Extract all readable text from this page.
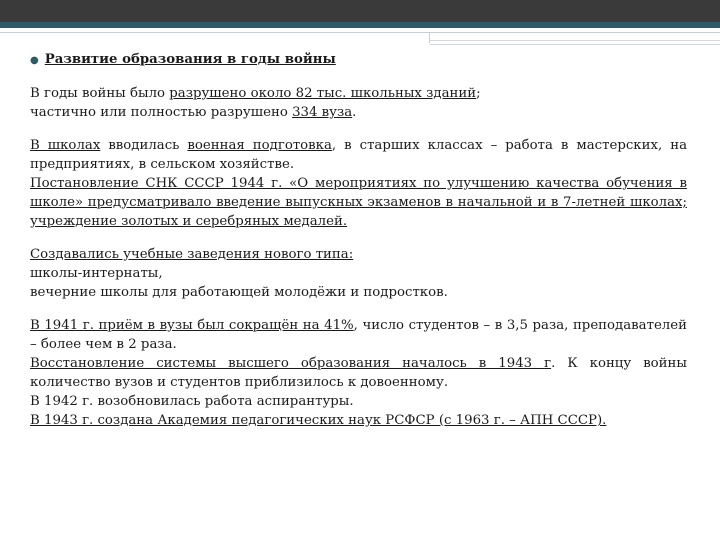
● Развитие образования в годы войны

В годы войны было разрушено около 82 тыс. школьных зданий;

частично или полностью разрушено 334 вуза.

В школах вводилась военная подготовка, в старших классах – работа в мастерских, на предприятиях, в сельском хозяйстве.

Постановление СНК СССР 1944 г. «О мероприятиях по улучшению качества обучения в школе» предусматривало введение выпускных экзаменов в начальной и в 7-летней школах; учреждение золотых и серебряных медалей.

Создавались учебные заведения нового типа:

школы-интернаты,

вечерние школы для работающей молодёжи и подростков.

В 1941 г. приём в вузы был сокращён на 41%, число студентов – в 3,5 раза, преподавателей – более чем в 2 раза.

Восстановление системы высшего образования началось в 1943 г. К концу войны количество вузов и студентов приблизилось к довоенному.

В 1942 г. возобновилась работа аспирантуры.

В 1943 г. создана Академия педагогических наук РСФСР (с 1963 г. – АПН СССР).
